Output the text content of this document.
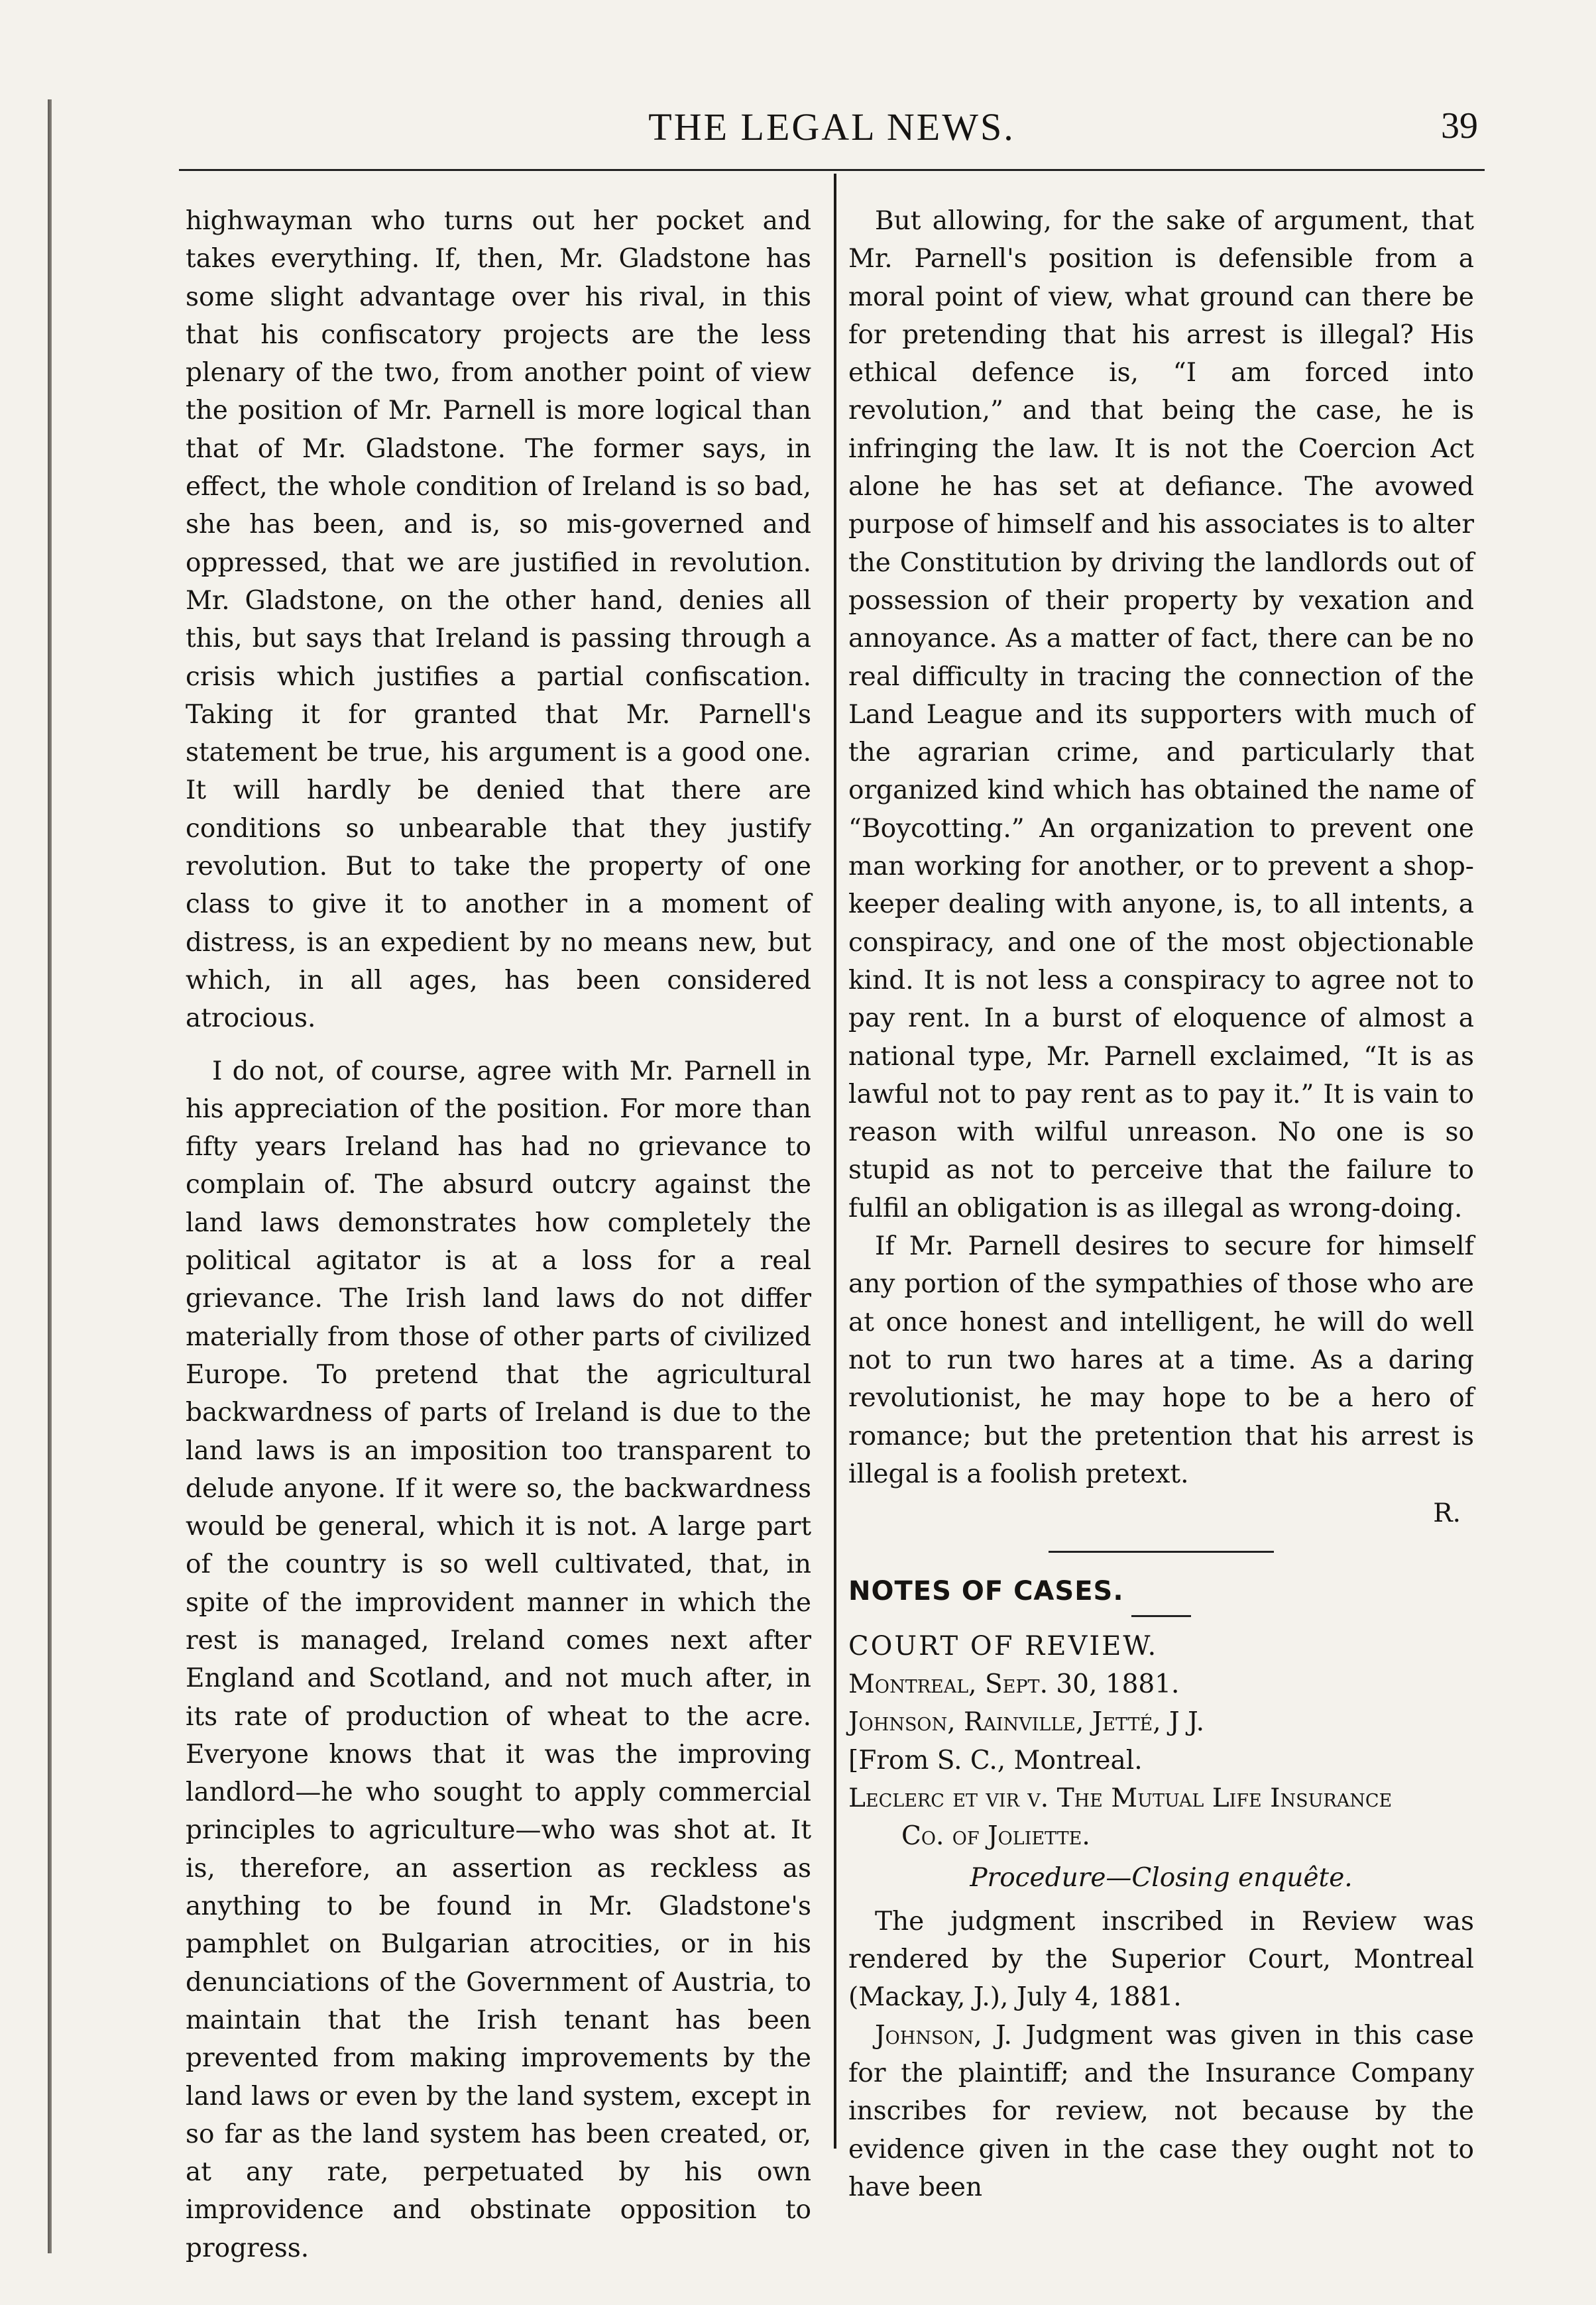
THE LEGAL NEWS.	39

highwayman who turns out her pocket and takes everything. If, then, Mr. Gladstone has some slight advantage over his rival, in this that his confiscatory projects are the less plenary of the two, from another point of view the position of Mr. Parnell is more logical than that of Mr. Gladstone. The former says, in effect, the whole condition of Ireland is so bad, she has been, and is, so mis-governed and oppressed, that we are justified in revolution. Mr. Gladstone, on the other hand, denies all this, but says that Ireland is passing through a crisis which justifies a partial confiscation. Taking it for granted that Mr. Parnell's statement be true, his argument is a good one. It will hardly be denied that there are conditions so unbearable that they justify revolution. But to take the property of one class to give it to another in a moment of distress, is an expedient by no means new, but which, in all ages, has been considered atrocious.

I do not, of course, agree with Mr. Parnell in his appreciation of the position. For more than fifty years Ireland has had no grievance to complain of. The absurd outcry against the land laws demonstrates how completely the political agitator is at a loss for a real grievance. The Irish land laws do not differ materially from those of other parts of civilized Europe. To pretend that the agricultural backwardness of parts of Ireland is due to the land laws is an imposition too transparent to delude anyone. If it were so, the backwardness would be general, which it is not. A large part of the country is so well cultivated, that, in spite of the improvident manner in which the rest is managed, Ireland comes next after England and Scotland, and not much after, in its rate of production of wheat to the acre. Everyone knows that it was the improving landlord—he who sought to apply commercial principles to agriculture—who was shot at. It is, therefore, an assertion as reckless as anything to be found in Mr. Gladstone's pamphlet on Bulgarian atrocities, or in his denunciations of the Government of Austria, to maintain that the Irish tenant has been prevented from making improvements by the land laws or even by the land system, except in so far as the land system has been created, or, at any rate, perpetuated by his own improvidence and obstinate opposition to progress.

But allowing, for the sake of argument, that Mr. Parnell's position is defensible from a moral point of view, what ground can there be for pretending that his arrest is illegal? His ethical defence is, “I am forced into revolution,” and that being the case, he is infringing the law. It is not the Coercion Act alone he has set at defiance. The avowed purpose of himself and his associates is to alter the Constitution by driving the landlords out of possession of their property by vexation and annoyance. As a matter of fact, there can be no real difficulty in tracing the connection of the Land League and its supporters with much of the agrarian crime, and particularly that organized kind which has obtained the name of “Boycotting.” An organization to prevent one man working for another, or to prevent a shop-keeper dealing with anyone, is, to all intents, a conspiracy, and one of the most objectionable kind. It is not less a conspiracy to agree not to pay rent. In a burst of eloquence of almost a national type, Mr. Parnell exclaimed, “It is as lawful not to pay rent as to pay it.” It is vain to reason with wilful unreason. No one is so stupid as not to perceive that the failure to fulfil an obligation is as illegal as wrong-doing.

If Mr. Parnell desires to secure for himself any portion of the sympathies of those who are at once honest and intelligent, he will do well not to run two hares at a time. As a daring revolutionist, he may hope to be a hero of romance; but the pretention that his arrest is illegal is a foolish pretext.

R.

NOTES OF CASES.

COURT OF REVIEW.

Montreal, Sept. 30, 1881.

Johnson, Rainville, Jetté, J J.

[From S. C., Montreal.

Leclerc et vir v. The Mutual Life Insurance

Co. of Joliette.

Procedure—Closing enquête.

The judgment inscribed in Review was rendered by the Superior Court, Montreal (Mackay, J.), July 4, 1881.

Johnson, J. Judgment was given in this case for the plaintiff; and the Insurance Company inscribes for review, not because by the evidence given in the case they ought not to have been
